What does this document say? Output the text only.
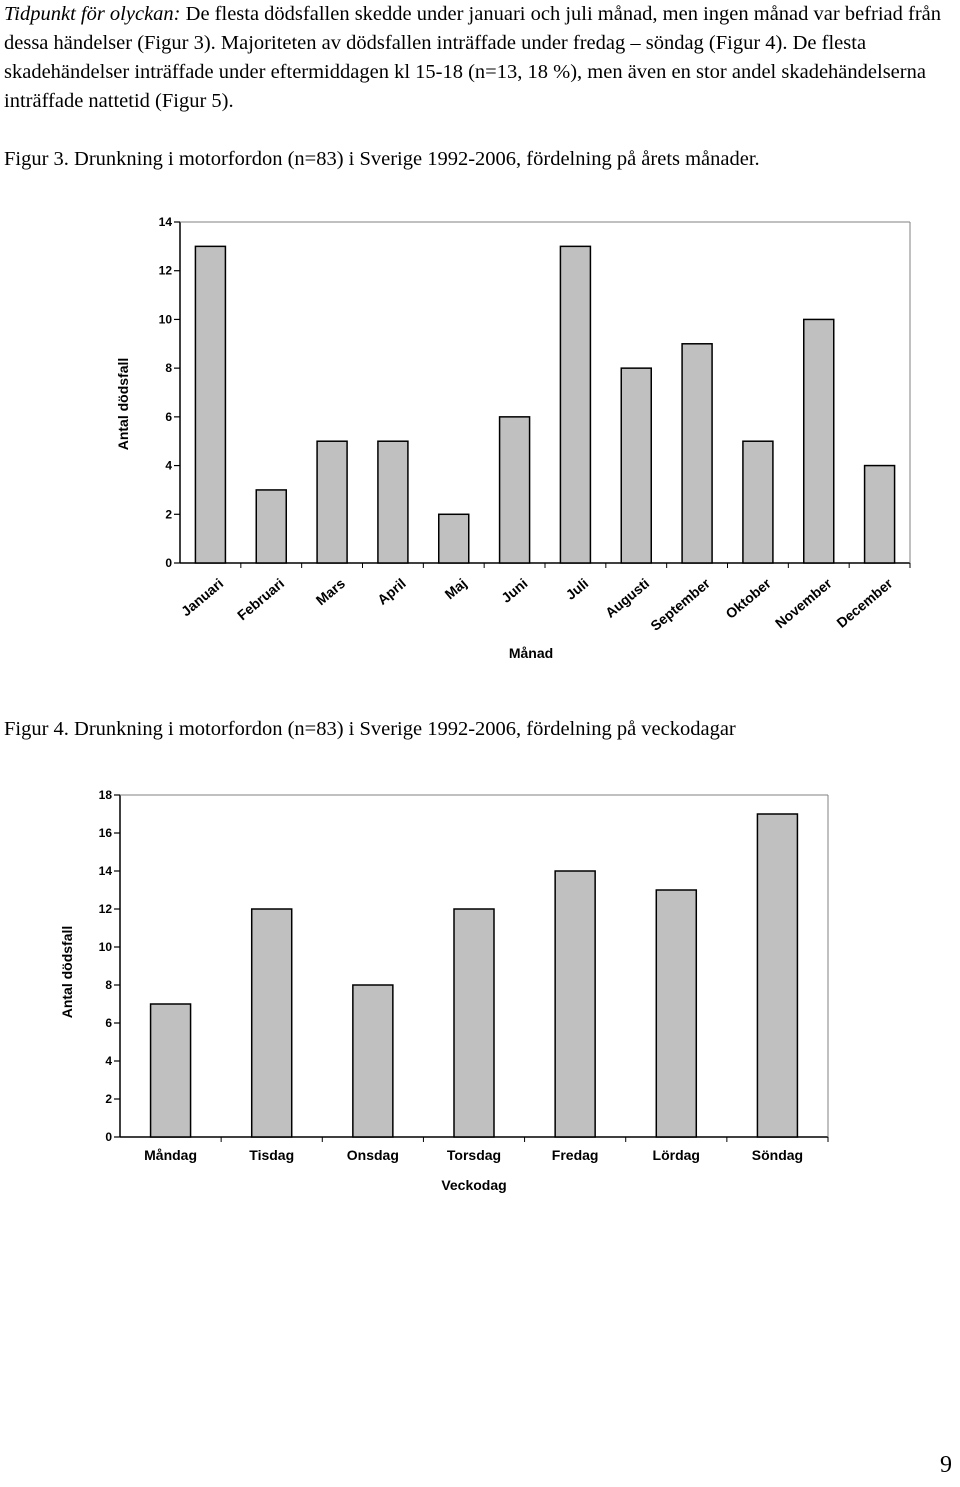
Tidpunkt för olyckan: De flesta dödsfallen skedde under januari och juli månad, men ingen månad var befriad från dessa händelser (Figur 3). Majoriteten av dödsfallen inträffade under fredag – söndag (Figur 4). De flesta skadehändelser inträffade under eftermiddagen kl 15-18 (n=13, 18 %), men även en stor andel skadehändelserna inträffade nattetid (Figur 5).

Figur 3. Drunkning i motorfordon (n=83) i Sverige 1992-2006, fördelning på årets månader.

0
2
4
6
8
10
12
14
Januari Februari Mars April Maj Juni Juli Augusti
September Oktober
November
December
Månad
Antal dödsfall

Figur 4. Drunkning i motorfordon (n=83) i Sverige 1992-2006, fördelning på veckodagar

0
2
4
6
8
10
12
14
16
18
Måndag	Tisdag	Onsdag	Torsdag	Fredag	Lördag	Söndag
Veckodag
Antal dödsfall

9
